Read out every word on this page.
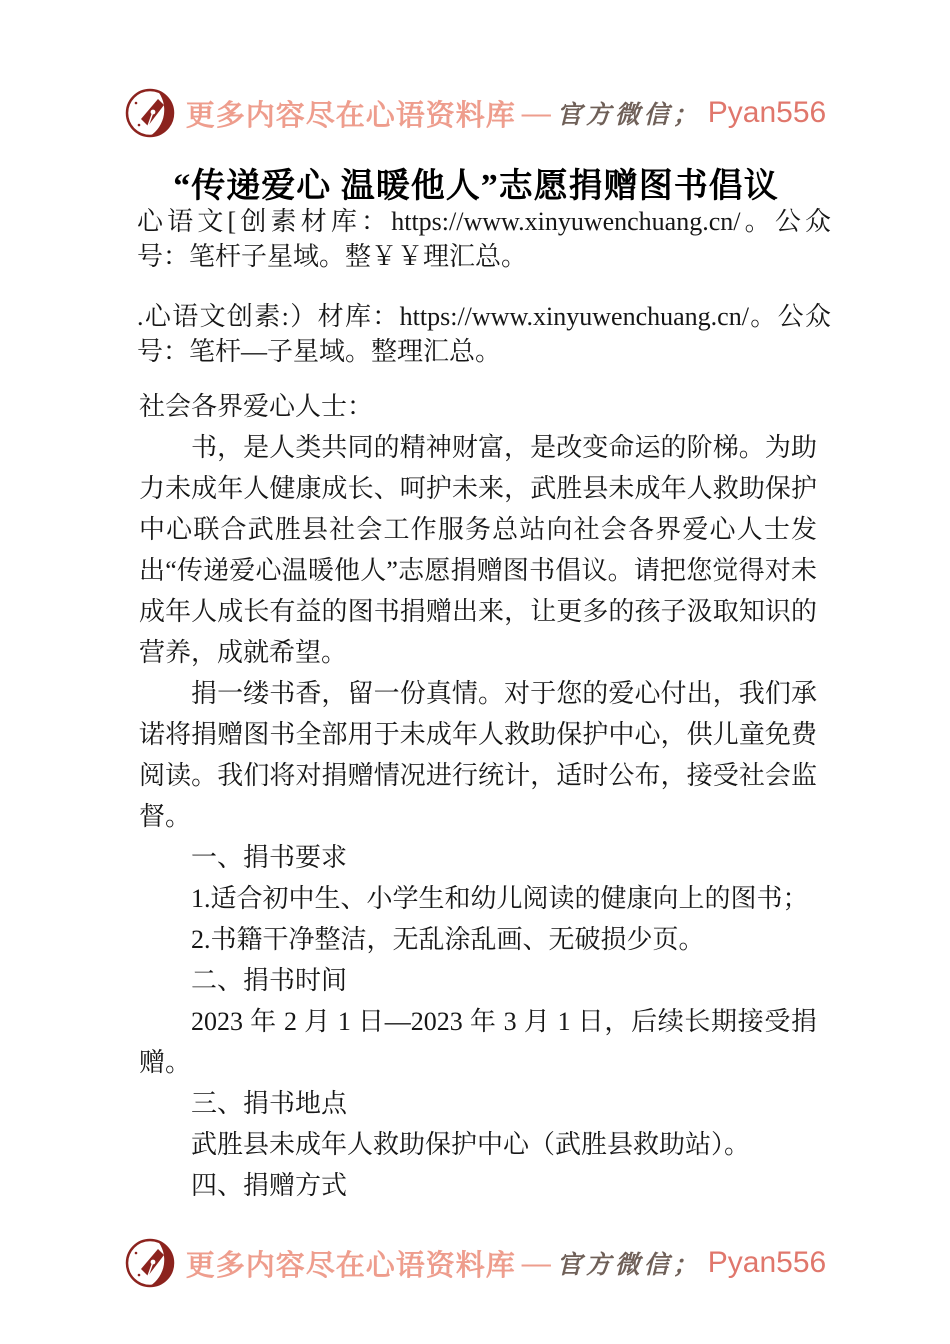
更多内容尽在心语资料库 — 官方微信； Pyan556
“传递爱心 温暖他人”志愿捐赠图书倡议

心语文[创素材库：https://www.xinyuwenchuang.cn/。公众号：笔杆子星域。整￥￥理汇总。

.心语文创素:）材库：https://www.xinyuwenchuang.cn/。公众号：笔杆—子星域。整理汇总。

社会各界爱心人士：

书，是人类共同的精神财富，是改变命运的阶梯。为助力未成年人健康成长、呵护未来，武胜县未成年人救助保护中心联合武胜县社会工作服务总站向社会各界爱心人士发出“传递爱心温暖他人”志愿捐赠图书倡议。请把您觉得对未成年人成长有益的图书捐赠出来，让更多的孩子汲取知识的营养，成就希望。

捐一缕书香，留一份真情。对于您的爱心付出，我们承诺将捐赠图书全部用于未成年人救助保护中心，供儿童免费阅读。我们将对捐赠情况进行统计，适时公布，接受社会监督。

一、捐书要求

1.适合初中生、小学生和幼儿阅读的健康向上的图书；

2.书籍干净整洁，无乱涂乱画、无破损少页。

二、捐书时间

2023 年 2 月 1 日—2023 年 3 月 1 日，后续长期接受捐赠。

三、捐书地点

武胜县未成年人救助保护中心（武胜县救助站）。

四、捐赠方式

更多内容尽在心语资料库 — 官方微信； Pyan556
